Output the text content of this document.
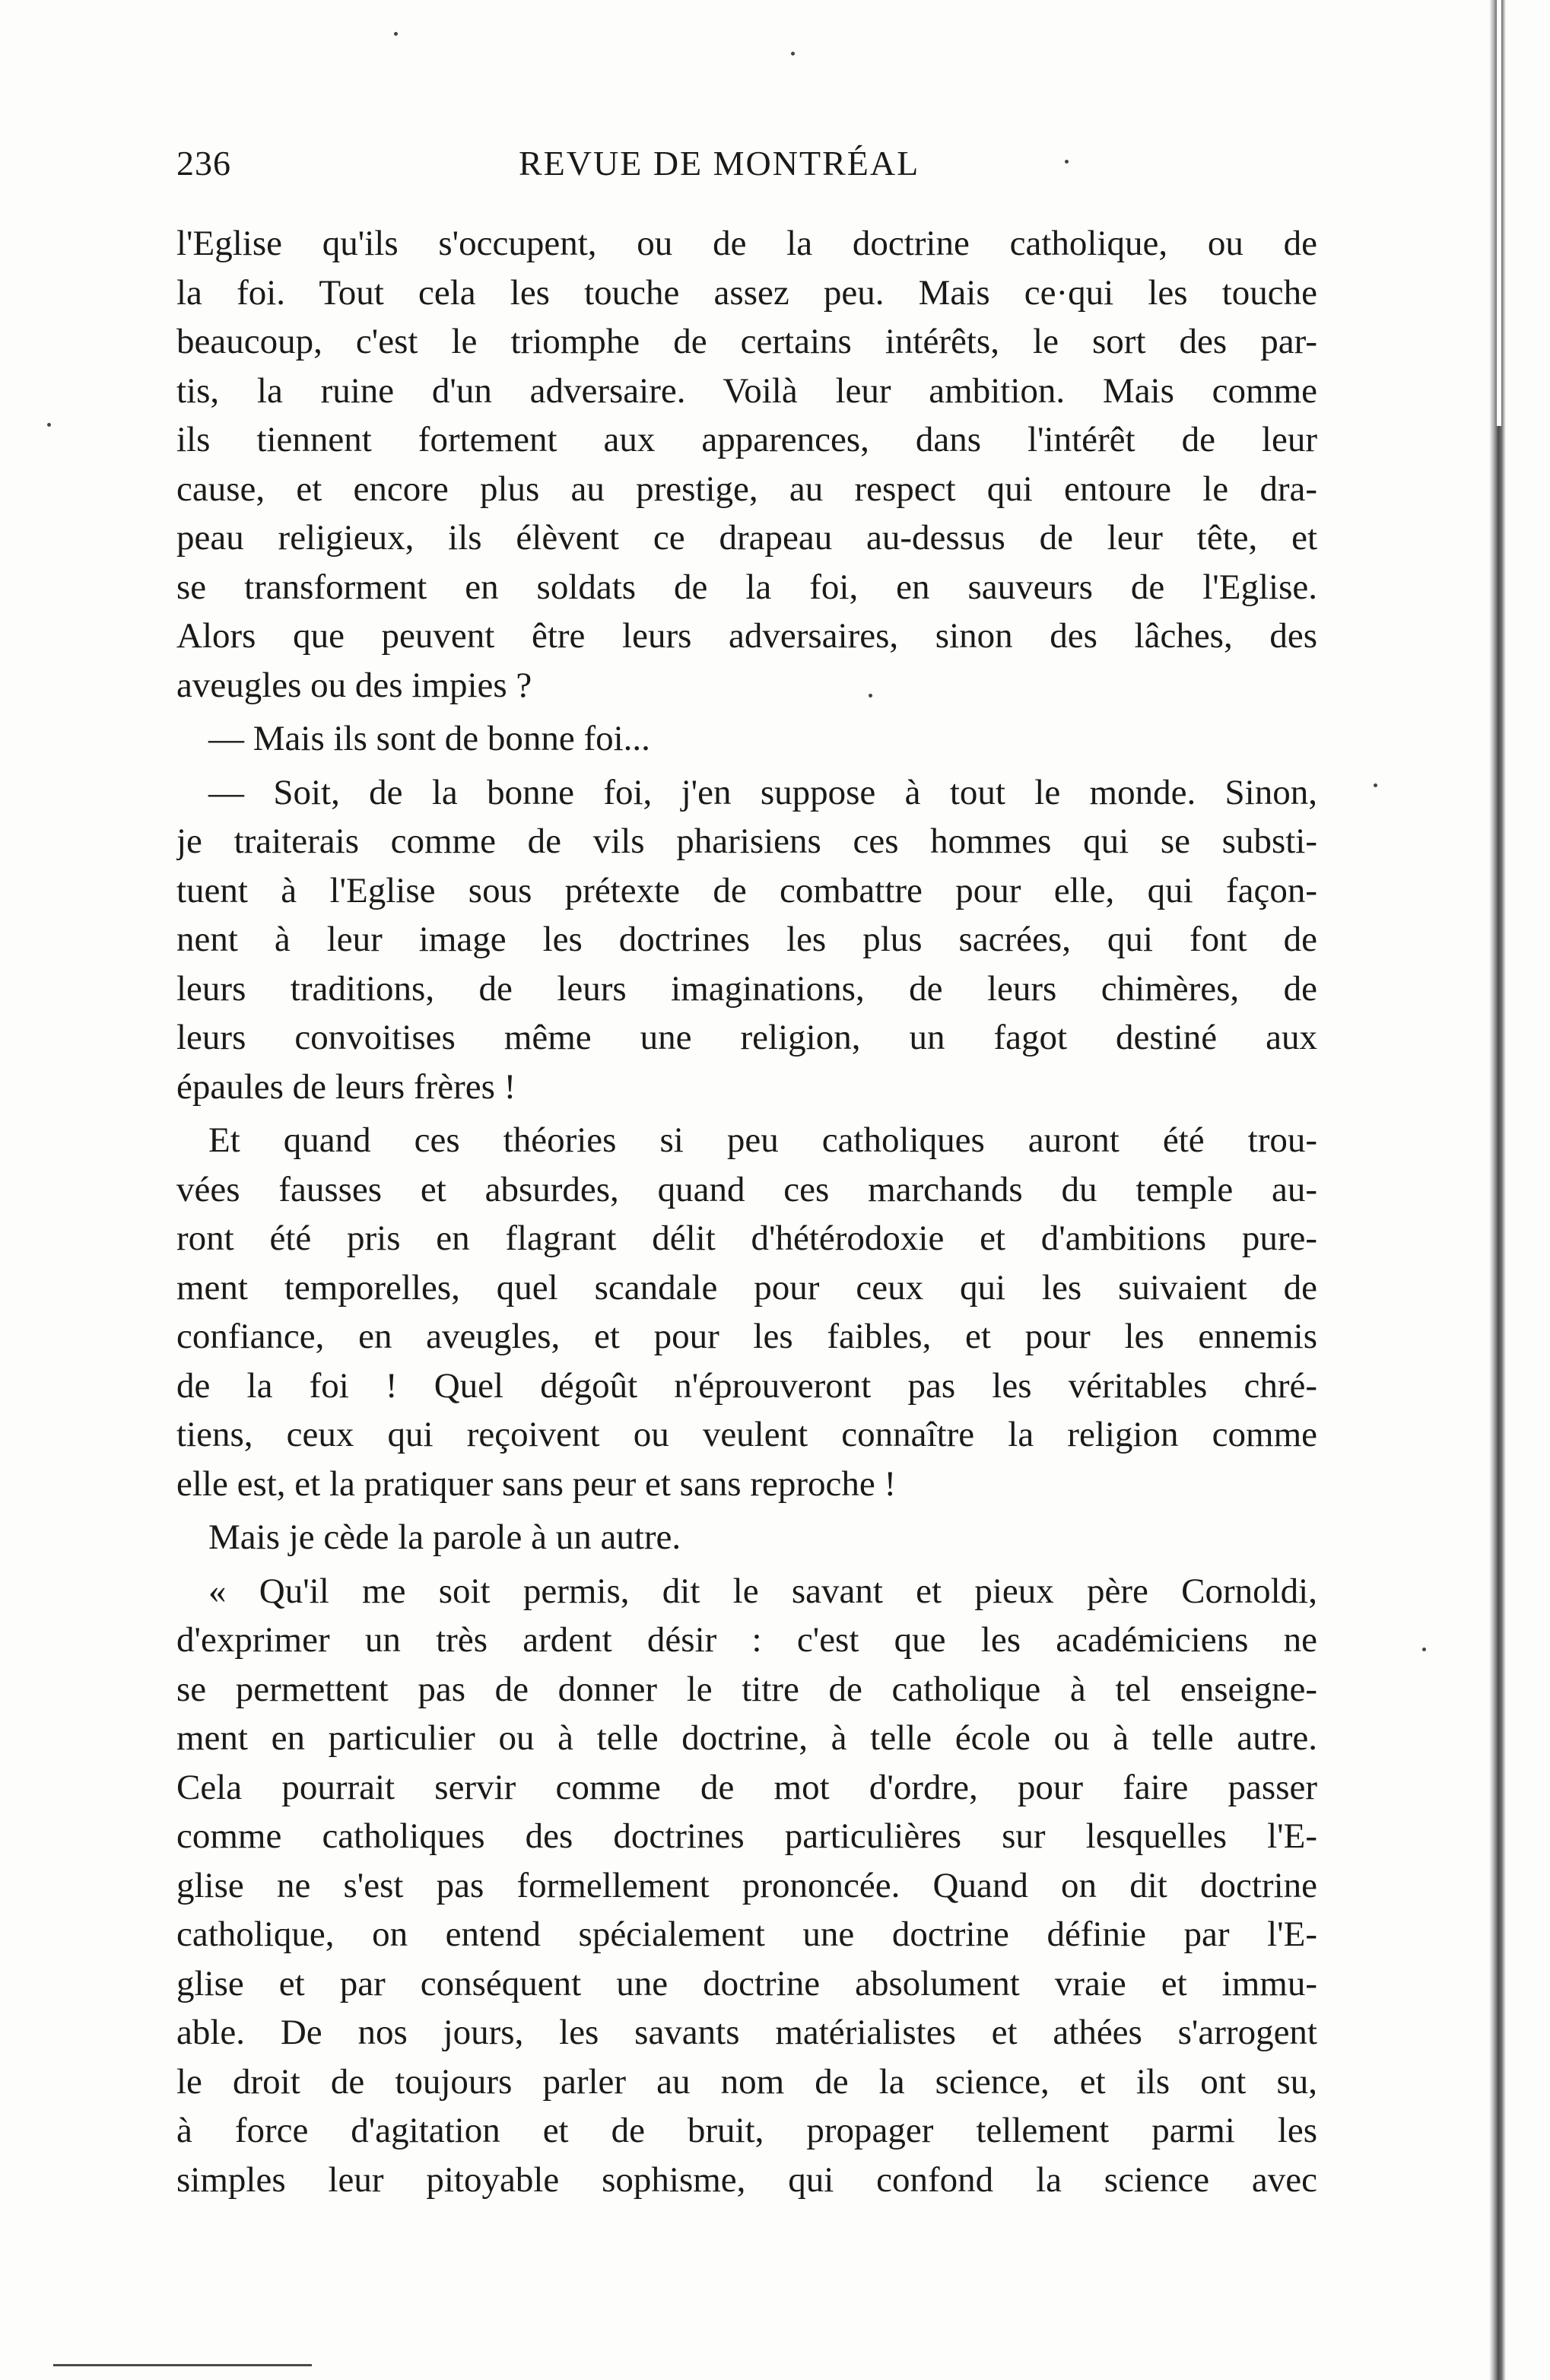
236	REVUE DE MONTRÉAL
l'Eglise qu'ils s'occupent, ou de la doctrine catholique, ou de
la foi. Tout cela les touche assez peu. Mais ce·qui les touche
beaucoup, c'est le triomphe de certains intérêts, le sort des par-
tis, la ruine d'un adversaire. Voilà leur ambition. Mais comme
ils tiennent fortement aux apparences, dans l'intérêt de leur
cause, et encore plus au prestige, au respect qui entoure le dra-
peau religieux, ils élèvent ce drapeau au-dessus de leur tête, et
se transforment en soldats de la foi, en sauveurs de l'Eglise.
Alors que peuvent être leurs adversaires, sinon des lâches, des
aveugles ou des impies ?
— Mais ils sont de bonne foi...
— Soit, de la bonne foi, j'en suppose à tout le monde. Sinon,
je traiterais comme de vils pharisiens ces hommes qui se substi-
tuent à l'Eglise sous prétexte de combattre pour elle, qui façon-
nent à leur image les doctrines les plus sacrées, qui font de
leurs traditions, de leurs imaginations, de leurs chimères, de
leurs convoitises même une religion, un fagot destiné aux
épaules de leurs frères !
Et quand ces théories si peu catholiques auront été trou-
vées fausses et absurdes, quand ces marchands du temple au-
ront été pris en flagrant délit d'hétérodoxie et d'ambitions pure-
ment temporelles, quel scandale pour ceux qui les suivaient de
confiance, en aveugles, et pour les faibles, et pour les ennemis
de la foi ! Quel dégoût n'éprouveront pas les véritables chré-
tiens, ceux qui reçoivent ou veulent connaître la religion comme
elle est, et la pratiquer sans peur et sans reproche !
Mais je cède la parole à un autre.
« Qu'il me soit permis, dit le savant et pieux père Cornoldi,
d'exprimer un très ardent désir : c'est que les académiciens ne
se permettent pas de donner le titre de catholique à tel enseigne-
ment en particulier ou à telle doctrine, à telle école ou à telle autre.
Cela pourrait servir comme de mot d'ordre, pour faire passer
comme catholiques des doctrines particulières sur lesquelles l'E-
glise ne s'est pas formellement prononcée. Quand on dit doctrine
catholique, on entend spécialement une doctrine définie par l'E-
glise et par conséquent une doctrine absolument vraie et immu-
able. De nos jours, les savants matérialistes et athées s'arrogent
le droit de toujours parler au nom de la science, et ils ont su,
à force d'agitation et de bruit, propager tellement parmi les
simples leur pitoyable sophisme, qui confond la science avec
